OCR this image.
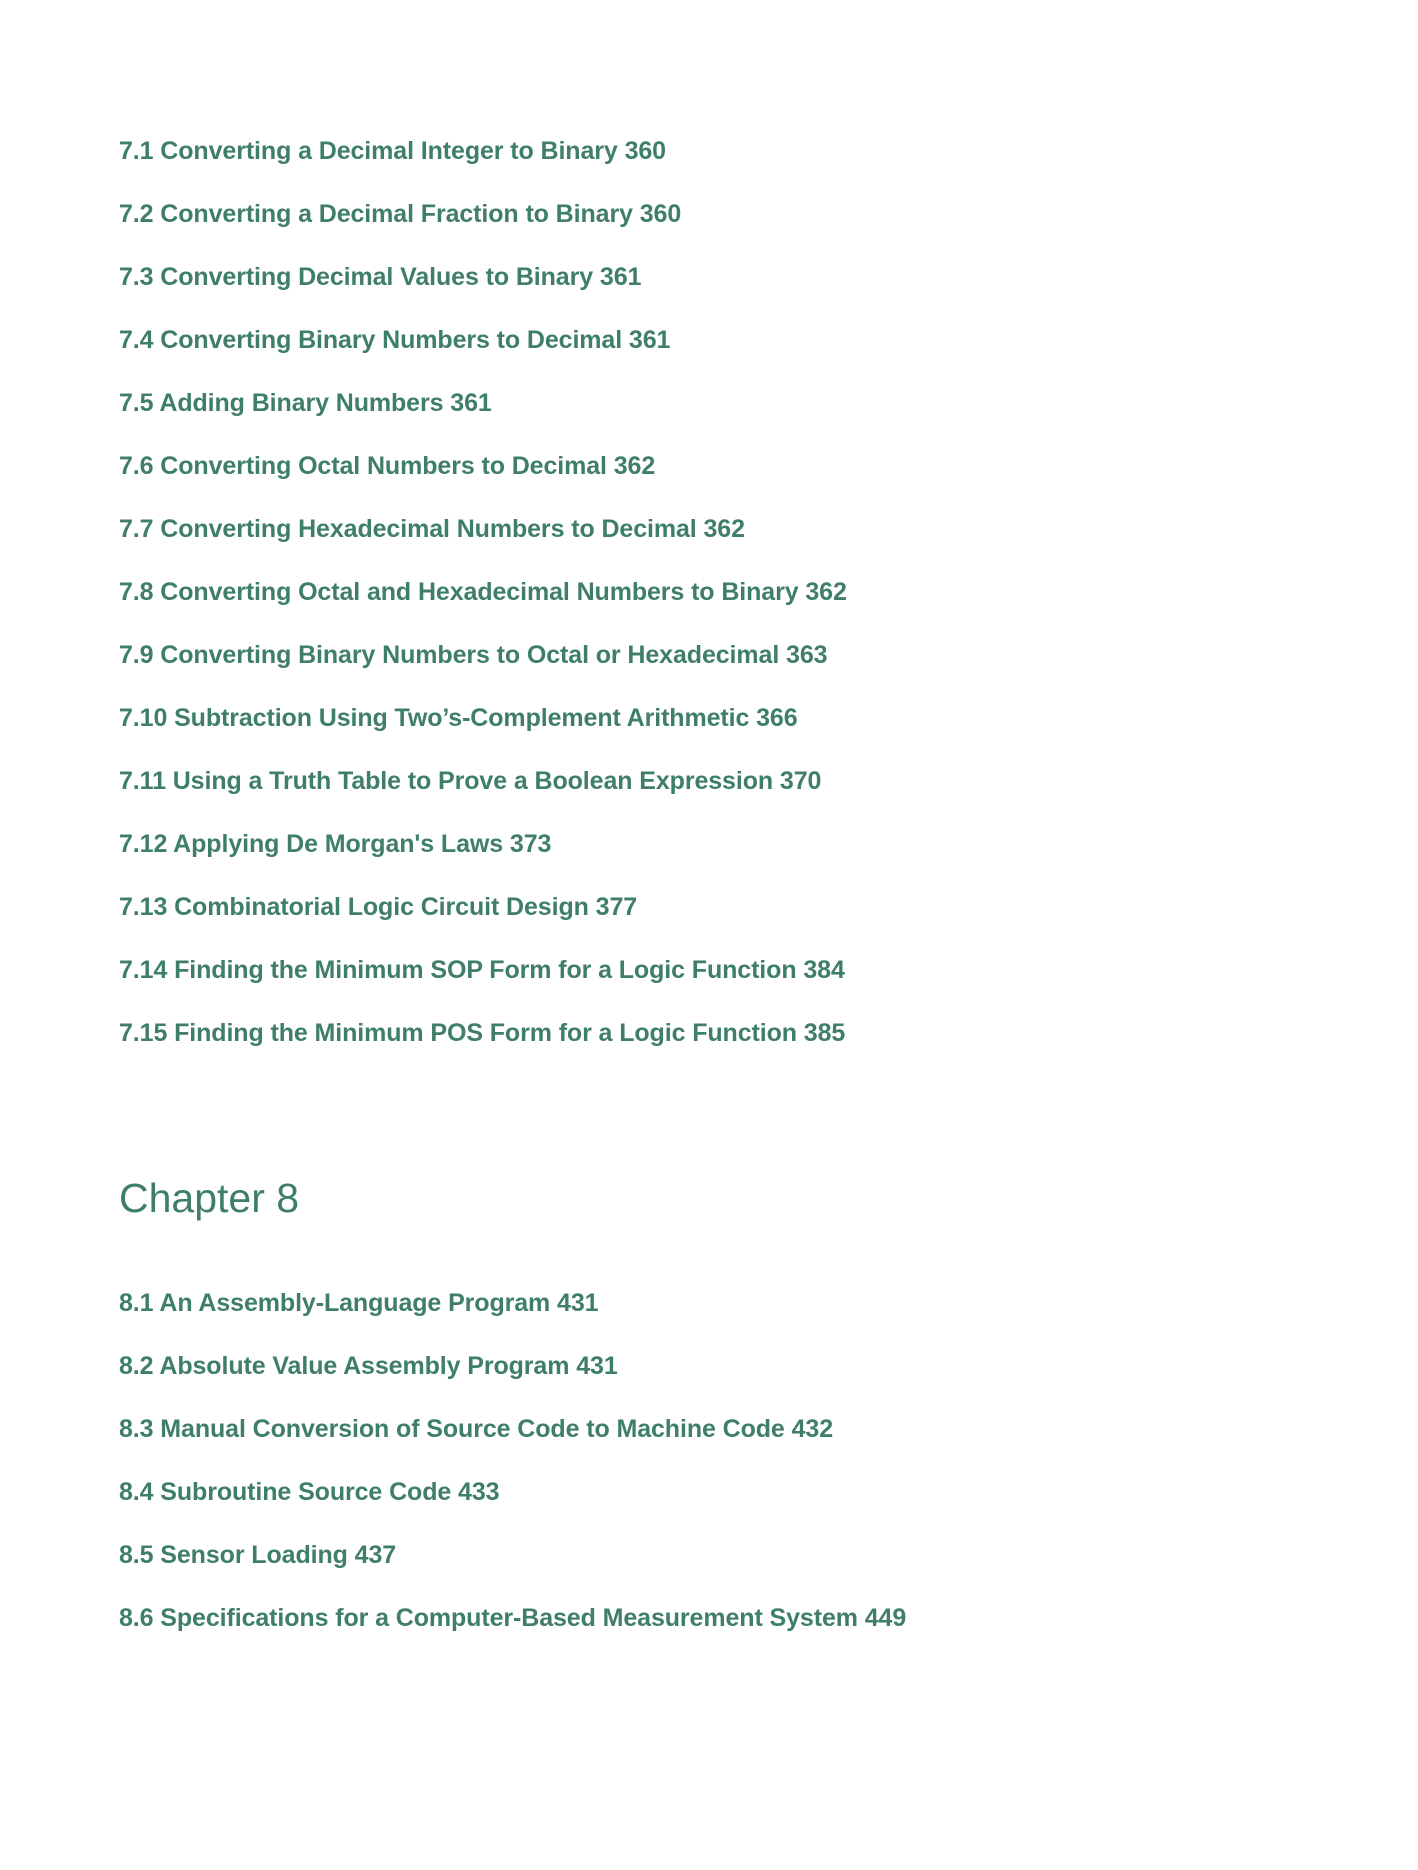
7.1 Converting a Decimal Integer to Binary 360
7.2 Converting a Decimal Fraction to Binary 360
7.3 Converting Decimal Values to Binary 361
7.4 Converting Binary Numbers to Decimal 361
7.5 Adding Binary Numbers 361
7.6 Converting Octal Numbers to Decimal 362
7.7 Converting Hexadecimal Numbers to Decimal 362
7.8 Converting Octal and Hexadecimal Numbers to Binary 362
7.9 Converting Binary Numbers to Octal or Hexadecimal 363
7.10 Subtraction Using Two’s-Complement Arithmetic 366
7.11 Using a Truth Table to Prove a Boolean Expression 370
7.12 Applying De Morgan's Laws 373
7.13 Combinatorial Logic Circuit Design 377
7.14 Finding the Minimum SOP Form for a Logic Function 384
7.15 Finding the Minimum POS Form for a Logic Function 385
Chapter 8
8.1 An Assembly-Language Program 431
8.2 Absolute Value Assembly Program 431
8.3 Manual Conversion of Source Code to Machine Code 432
8.4 Subroutine Source Code 433
8.5 Sensor Loading 437
8.6 Specifications for a Computer-Based Measurement System 449
